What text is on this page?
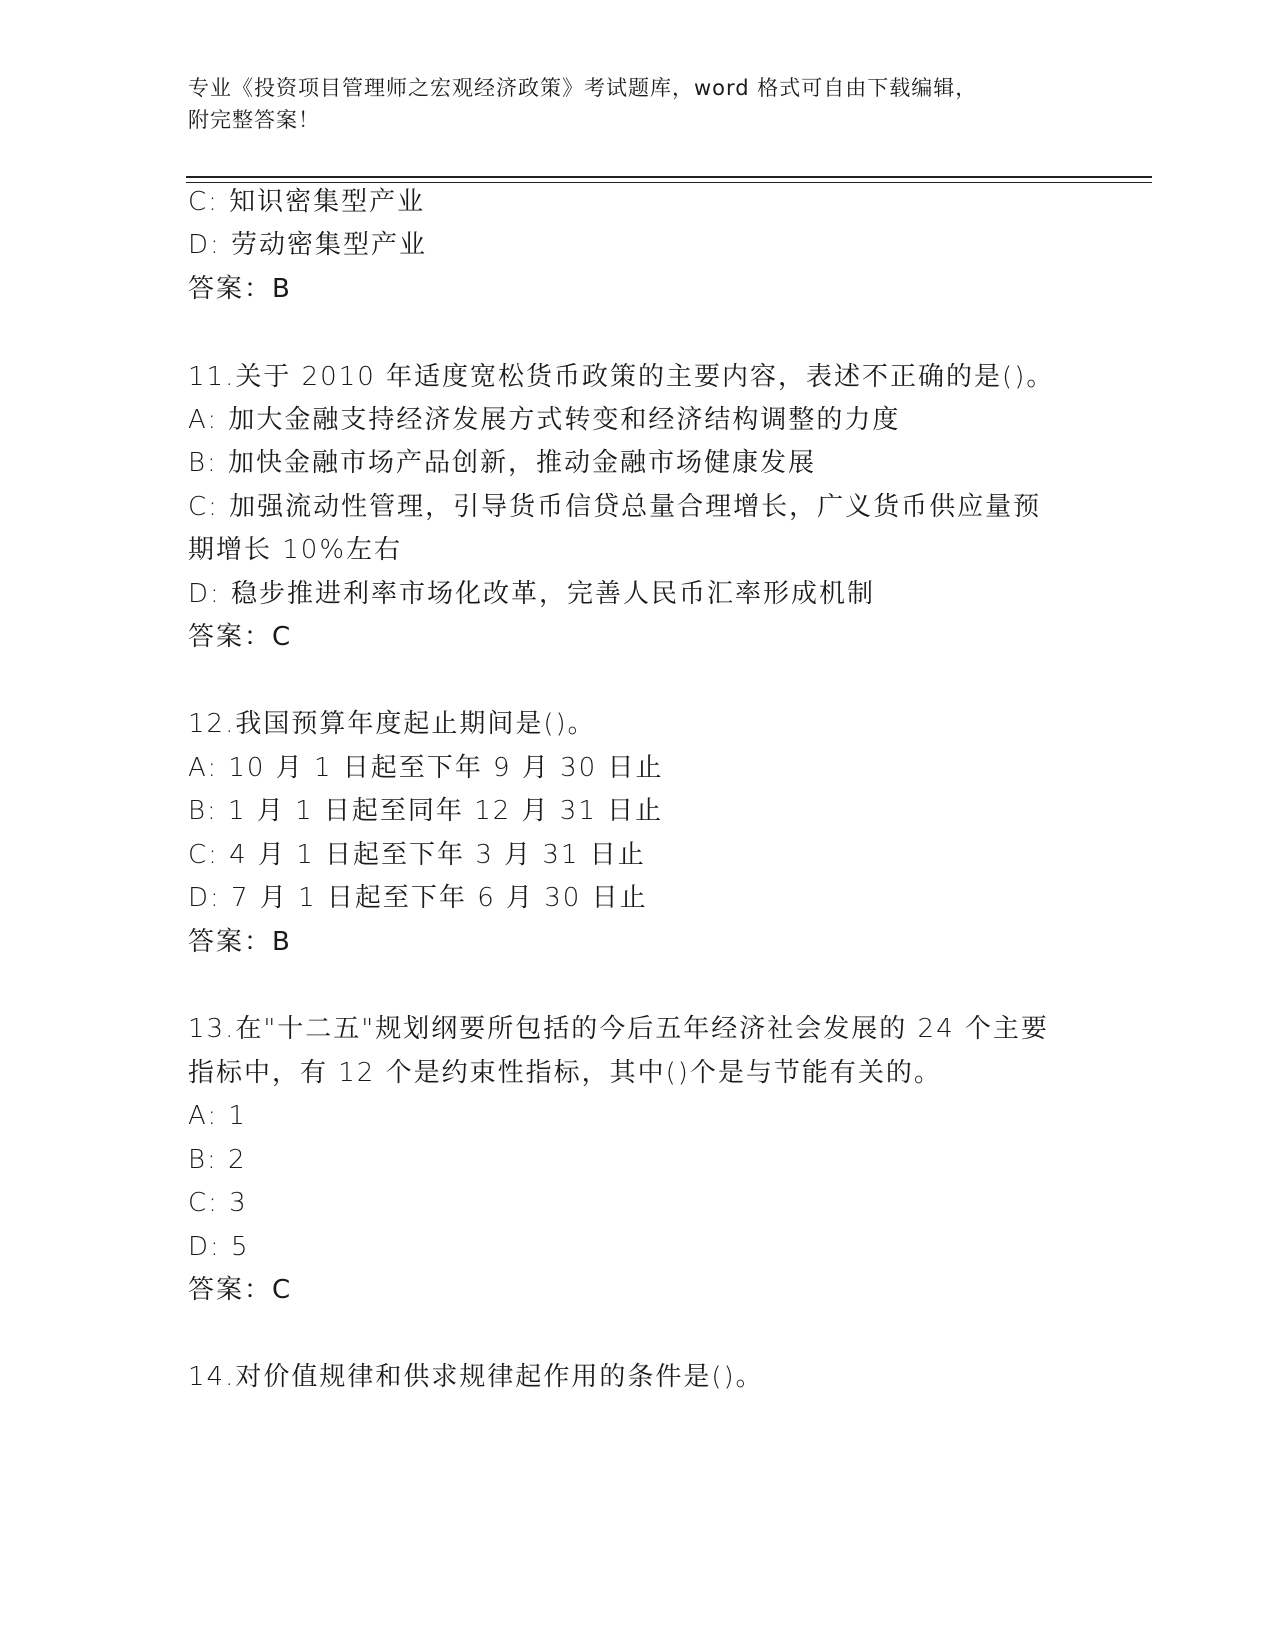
专业《投资项目管理师之宏观经济政策》考试题库，word 格式可自由下载编辑，
附完整答案！
C: 知识密集型产业
D: 劳动密集型产业
答案：B
11.关于 2010 年适度宽松货币政策的主要内容，表述不正确的是()。
A: 加大金融支持经济发展方式转变和经济结构调整的力度
B: 加快金融市场产品创新，推动金融市场健康发展
C: 加强流动性管理，引导货币信贷总量合理增长，广义货币供应量预
期增长 10%左右
D: 稳步推进利率市场化改革，完善人民币汇率形成机制
答案：C
12.我国预算年度起止期间是()。
A: 10 月 1 日起至下年 9 月 30 日止
B: 1 月 1 日起至同年 12 月 31 日止
C: 4 月 1 日起至下年 3 月 31 日止
D: 7 月 1 日起至下年 6 月 30 日止
答案：B
13.在"十二五"规划纲要所包括的今后五年经济社会发展的 24 个主要
指标中，有 12 个是约束性指标，其中()个是与节能有关的。
A: 1
B: 2
C: 3
D: 5
答案：C
14.对价值规律和供求规律起作用的条件是()。
